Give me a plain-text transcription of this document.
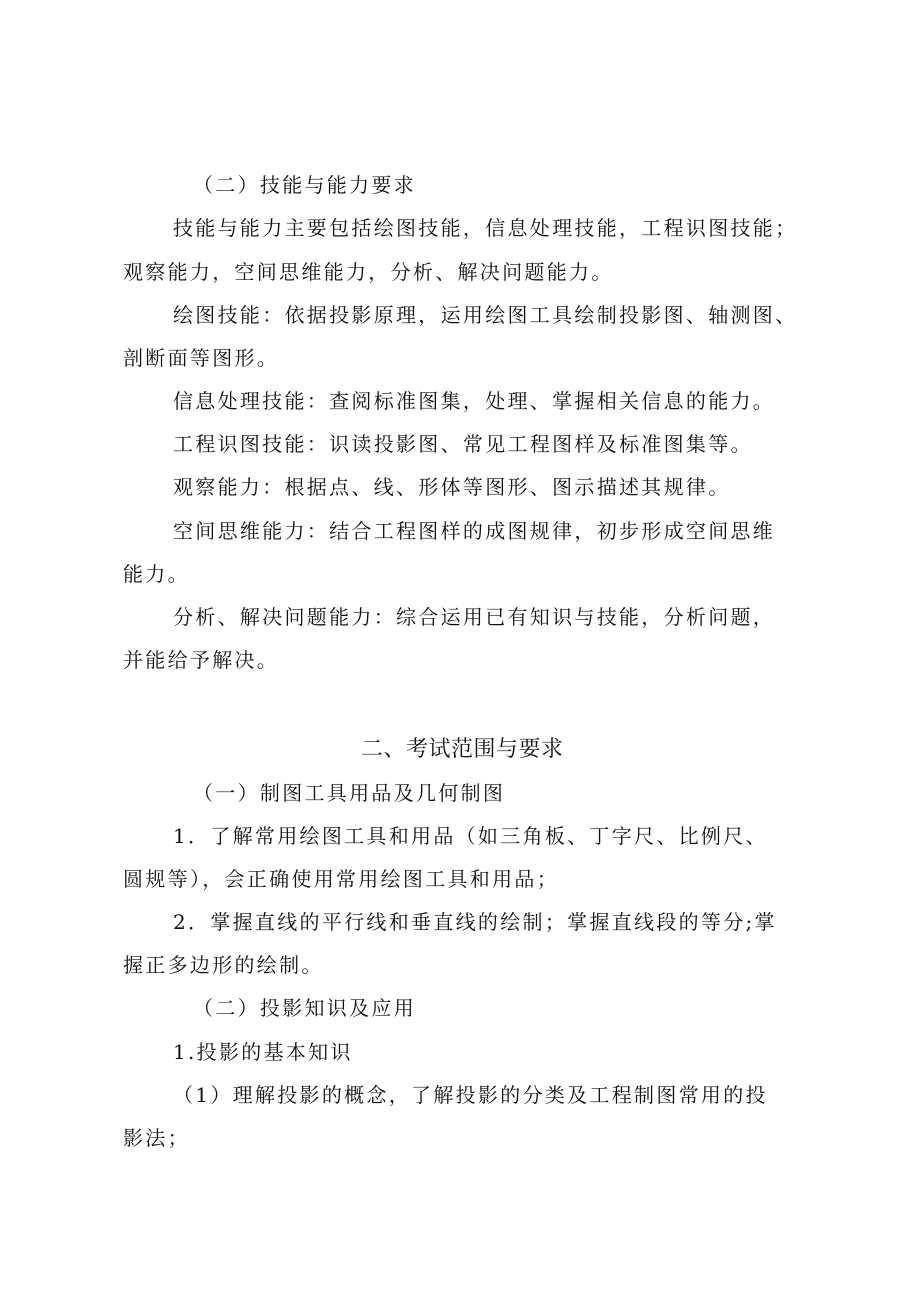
（二）技能与能力要求
技能与能力主要包括绘图技能，信息处理技能，工程识图技能；
观察能力，空间思维能力，分析、解决问题能力。
绘图技能：依据投影原理，运用绘图工具绘制投影图、轴测图、
剖断面等图形。
信息处理技能：查阅标准图集，处理、掌握相关信息的能力。
工程识图技能：识读投影图、常见工程图样及标准图集等。
观察能力：根据点、线、形体等图形、图示描述其规律。
空间思维能力：结合工程图样的成图规律，初步形成空间思维
能力。
分析、解决问题能力：综合运用已有知识与技能，分析问题，
并能给予解决。
二、考试范围与要求
（一）制图工具用品及几何制图
1．了解常用绘图工具和用品（如三角板、丁字尺、比例尺、
圆规等），会正确使用常用绘图工具和用品；
2．掌握直线的平行线和垂直线的绘制；掌握直线段的等分;掌
握正多边形的绘制。
（二）投影知识及应用
1.投影的基本知识
（1）理解投影的概念，了解投影的分类及工程制图常用的投
影法；
